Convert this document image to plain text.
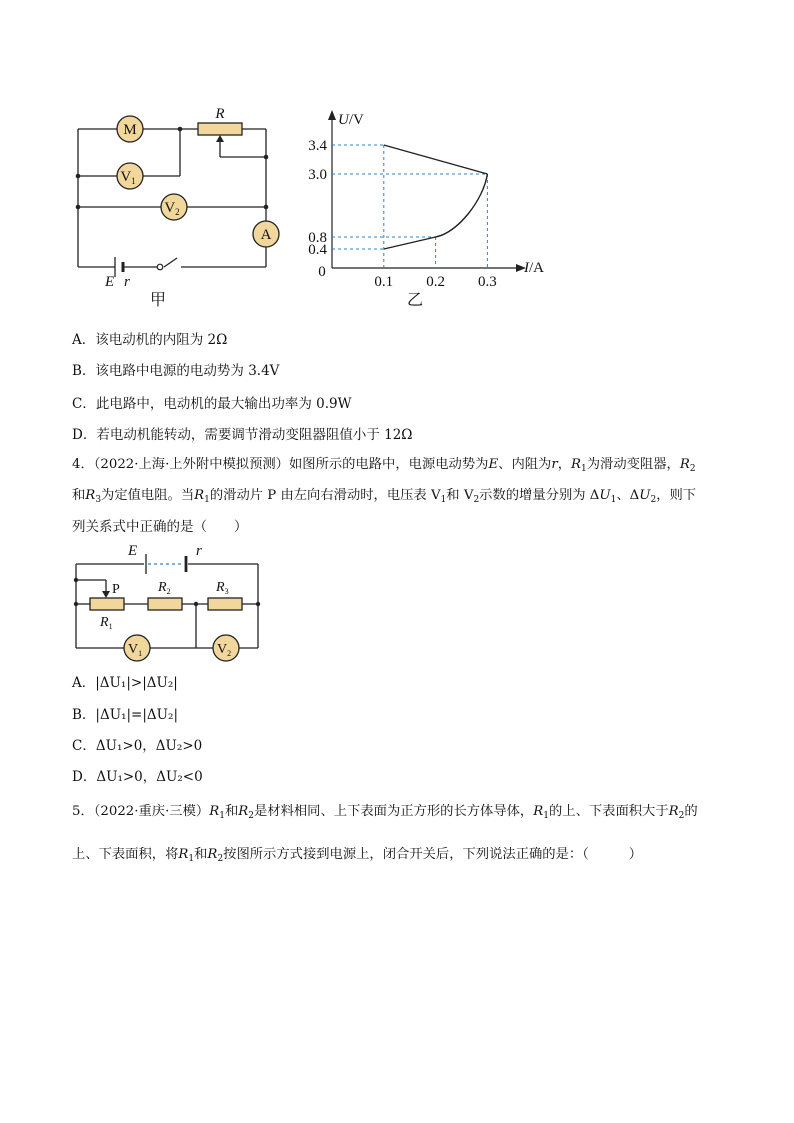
M
$V_1$
$V_2$
A
R
E r
甲
3.4
3.0
0.8
0.4
0
0.1 0.2 0.3
U/V
I/A
乙
A．该电动机的内阻为 2Ω
B．该电路中电源的电动势为 3.4V
C．此电路中，电动机的最大输出功率为 0.9W
D．若电动机能转动，需要调节滑动变阻器阻值小于 12Ω
4．（2022·上海·上外附中模拟预测）如图所示的电路中，电源电动势为E、内阻为r，$R_1$为滑动变阻器，$R_2$
和$R_3$为定值电阻。当$R_1$的滑动片 P 由左向右滑动时，电压表 $V_1$和 $V_2$示数的增量分别为 $\Delta U_1$、$\Delta U_2$，则下
列关系式中正确的是（　　）
$V_1$	$V_2$
E	r
P	$R_2$	$R_3$
$R_1$
A．|ΔU₁|>|ΔU₂|
B．|ΔU₁|=|ΔU₂|
C．ΔU₁>0，ΔU₂>0
D．ΔU₁>0，ΔU₂<0
5．（2022·重庆·三模）$R_1$和$R_2$是材料相同、上下表面为正方形的长方体导体，$R_1$的上、下表面积大于$R_2$的
上、下表面积，将$R_1$和$R_2$按图所示方式接到电源上，闭合开关后，下列说法正确的是：（　　　）
